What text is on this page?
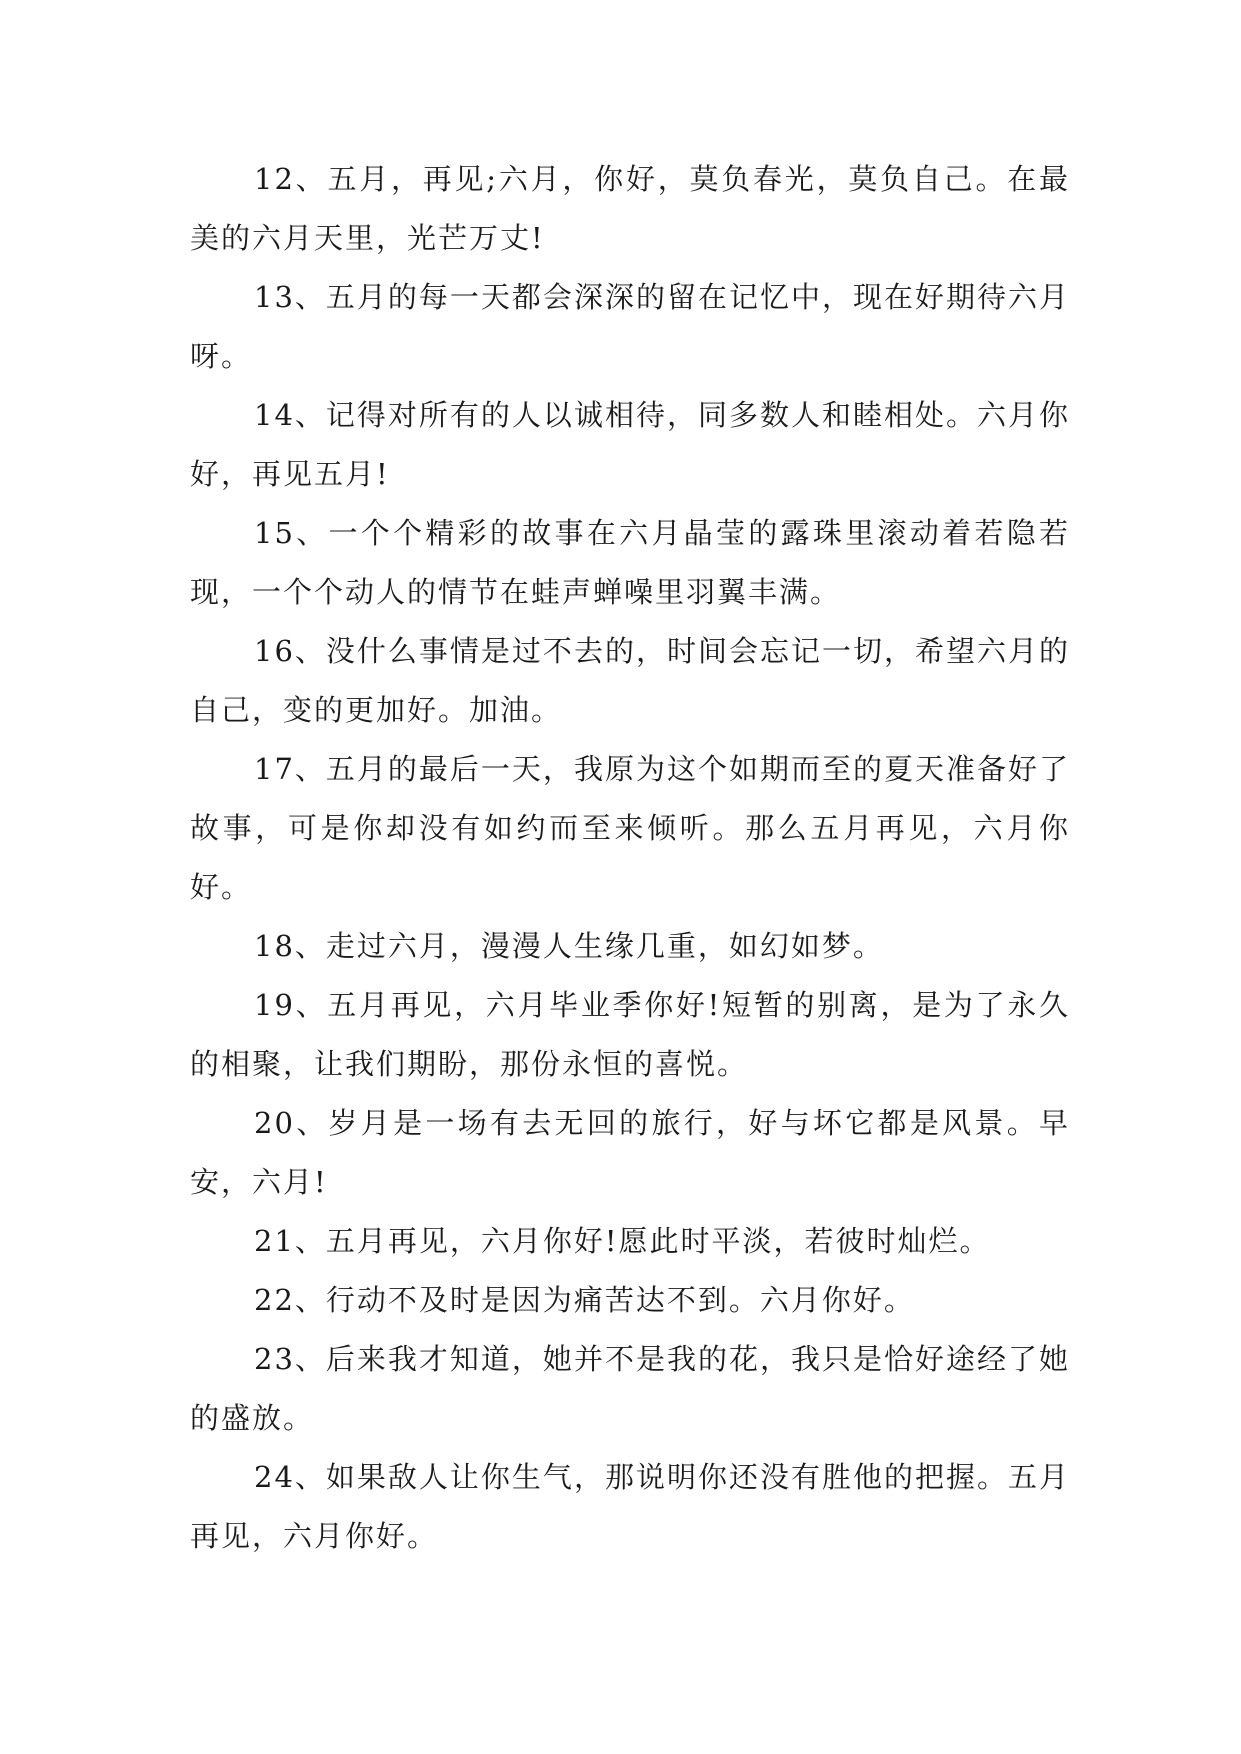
12、五月，再见;六月，你好，莫负春光，莫负自己。在最美的六月天里，光芒万丈!

13、五月的每一天都会深深的留在记忆中，现在好期待六月呀。

14、记得对所有的人以诚相待，同多数人和睦相处。六月你好，再见五月!

15、一个个精彩的故事在六月晶莹的露珠里滚动着若隐若现，一个个动人的情节在蛙声蝉噪里羽翼丰满。

16、没什么事情是过不去的，时间会忘记一切，希望六月的自己，变的更加好。加油。

17、五月的最后一天，我原为这个如期而至的夏天准备好了故事，可是你却没有如约而至来倾听。那么五月再见，六月你好。

18、走过六月，漫漫人生缘几重，如幻如梦。

19、五月再见，六月毕业季你好!短暂的别离，是为了永久的相聚，让我们期盼，那份永恒的喜悦。

20、岁月是一场有去无回的旅行，好与坏它都是风景。早安，六月!

21、五月再见，六月你好!愿此时平淡，若彼时灿烂。

22、行动不及时是因为痛苦达不到。六月你好。

23、后来我才知道，她并不是我的花，我只是恰好途经了她的盛放。

24、如果敌人让你生气，那说明你还没有胜他的把握。五月再见，六月你好。
